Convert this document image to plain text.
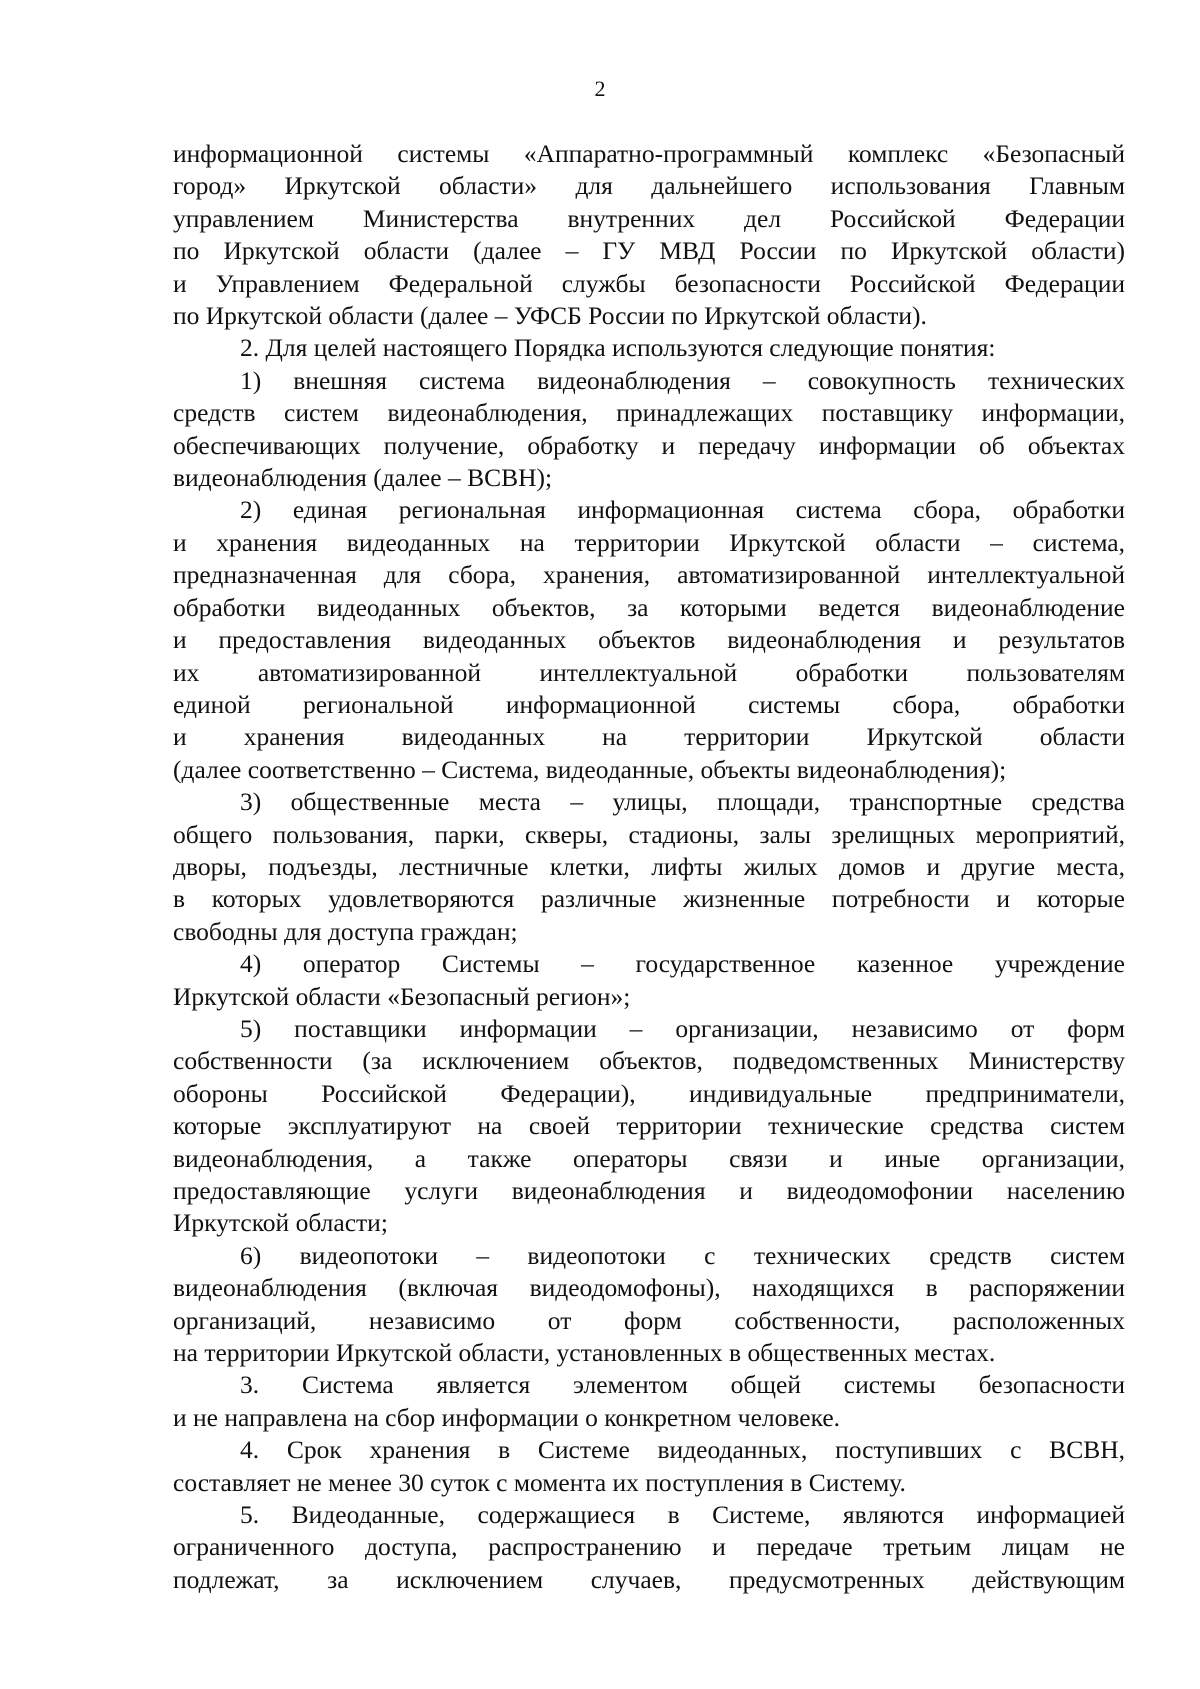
2
информационной системы «Аппаратно-программный комплекс «Безопасный
город» Иркутской области» для дальнейшего использования Главным
управлением Министерства внутренних дел Российской Федерации
по Иркутской области (далее – ГУ МВД России по Иркутской области)
и Управлением Федеральной службы безопасности Российской Федерации
по Иркутской области (далее – УФСБ России по Иркутской области).
2. Для целей настоящего Порядка используются следующие понятия:
1) внешняя система видеонаблюдения – совокупность технических
средств систем видеонаблюдения, принадлежащих поставщику информации,
обеспечивающих получение, обработку и передачу информации об объектах
видеонаблюдения (далее – ВСВН);
2) единая региональная информационная система сбора, обработки
и хранения видеоданных на территории Иркутской области – система,
предназначенная для сбора, хранения, автоматизированной интеллектуальной
обработки видеоданных объектов, за которыми ведется видеонаблюдение
и предоставления видеоданных объектов видеонаблюдения и результатов
их автоматизированной интеллектуальной обработки пользователям
единой региональной информационной системы сбора, обработки
и хранения видеоданных на территории Иркутской области
(далее соответственно – Система, видеоданные, объекты видеонаблюдения);
3) общественные места – улицы, площади, транспортные средства
общего пользования, парки, скверы, стадионы, залы зрелищных мероприятий,
дворы, подъезды, лестничные клетки, лифты жилых домов и другие места,
в которых удовлетворяются различные жизненные потребности и которые
свободны для доступа граждан;
4) оператор Системы – государственное казенное учреждение
Иркутской области «Безопасный регион»;
5) поставщики информации – организации, независимо от форм
собственности (за исключением объектов, подведомственных Министерству
обороны Российской Федерации), индивидуальные предприниматели,
которые эксплуатируют на своей территории технические средства систем
видеонаблюдения, а также операторы связи и иные организации,
предоставляющие услуги видеонаблюдения и видеодомофонии населению
Иркутской области;
6) видеопотоки – видеопотоки с технических средств систем
видеонаблюдения (включая видеодомофоны), находящихся в распоряжении
организаций, независимо от форм собственности, расположенных
на территории Иркутской области, установленных в общественных местах.
3. Система является элементом общей системы безопасности
и не направлена на сбор информации о конкретном человеке.
4. Срок хранения в Системе видеоданных, поступивших с ВСВН,
составляет не менее 30 суток с момента их поступления в Систему.
5. Видеоданные, содержащиеся в Системе, являются информацией
ограниченного доступа, распространению и передаче третьим лицам не
подлежат, за исключением случаев, предусмотренных действующим
